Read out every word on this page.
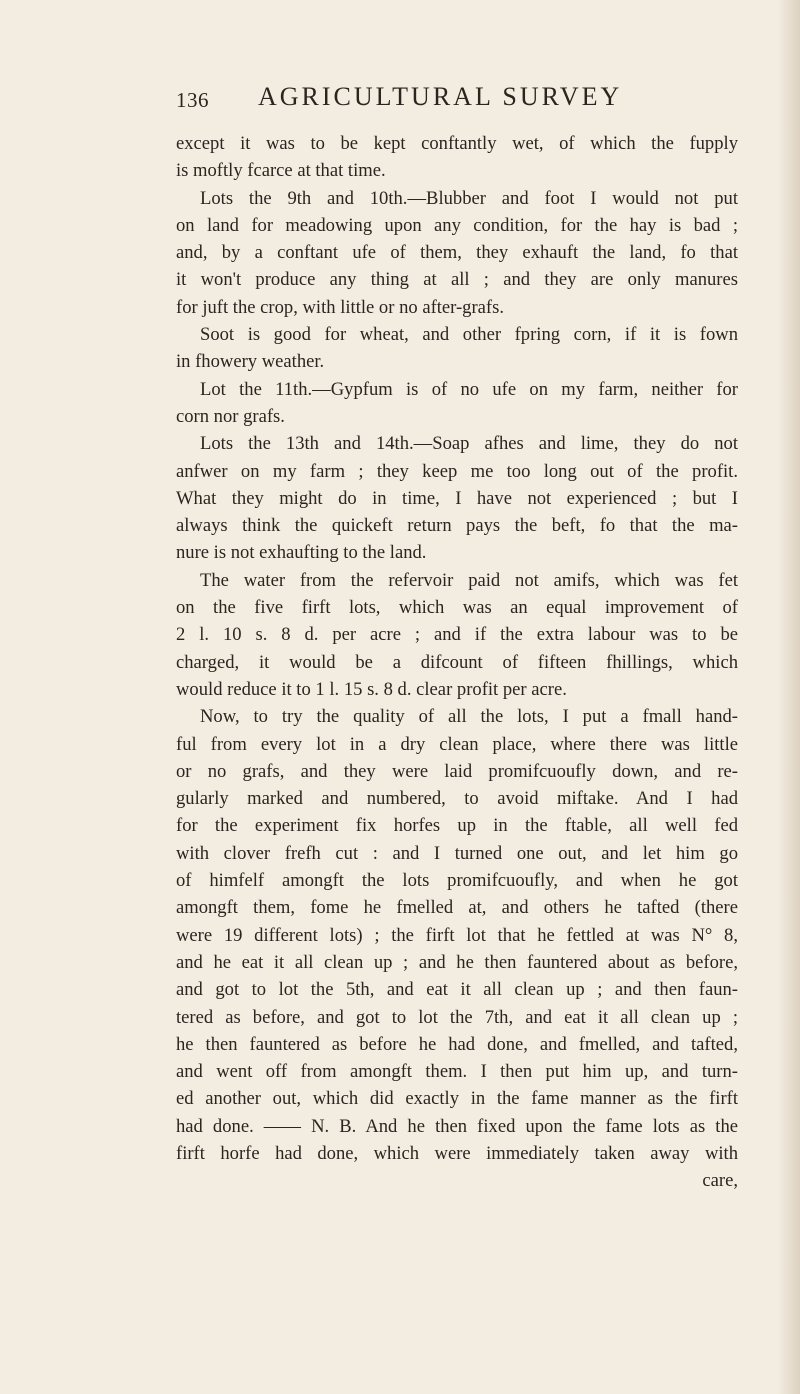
136 AGRICULTURAL SURVEY
except it was to be kept conftantly wet, of which the fupply
is moftly fcarce at that time.
Lots the 9th and 10th.—Blubber and foot I would not put
on land for meadowing upon any condition, for the hay is bad ;
and, by a conftant ufe of them, they exhauft the land, fo that
it won't produce any thing at all ; and they are only manures
for juft the crop, with little or no after-grafs.
Soot is good for wheat, and other fpring corn, if it is fown
in fhowery weather.
Lot the 11th.—Gypfum is of no ufe on my farm, neither for
corn nor grafs.
Lots the 13th and 14th.—Soap afhes and lime, they do not
anfwer on my farm ; they keep me too long out of the profit.
What they might do in time, I have not experienced ; but I
always think the quickeft return pays the beft, fo that the ma-
nure is not exhaufting to the land.
The water from the refervoir paid not amifs, which was fet
on the five firft lots, which was an equal improvement of
2 l. 10 s. 8 d. per acre ; and if the extra labour was to be
charged, it would be a difcount of fifteen fhillings, which
would reduce it to 1 l. 15 s. 8 d. clear profit per acre.
Now, to try the quality of all the lots, I put a fmall hand-
ful from every lot in a dry clean place, where there was little
or no grafs, and they were laid promifcuoufly down, and re-
gularly marked and numbered, to avoid miftake. And I had
for the experiment fix horfes up in the ftable, all well fed
with clover frefh cut : and I turned one out, and let him go
of himfelf amongft the lots promifcuoufly, and when he got
amongft them, fome he fmelled at, and others he tafted (there
were 19 different lots) ; the firft lot that he fettled at was N° 8,
and he eat it all clean up ; and he then fauntered about as before,
and got to lot the 5th, and eat it all clean up ; and then faun-
tered as before, and got to lot the 7th, and eat it all clean up ;
he then fauntered as before he had done, and fmelled, and tafted,
and went off from amongft them. I then put him up, and turn-
ed another out, which did exactly in the fame manner as the firft
had done. —— N. B. And he then fixed upon the fame lots as the
firft horfe had done, which were immediately taken away with
care,
